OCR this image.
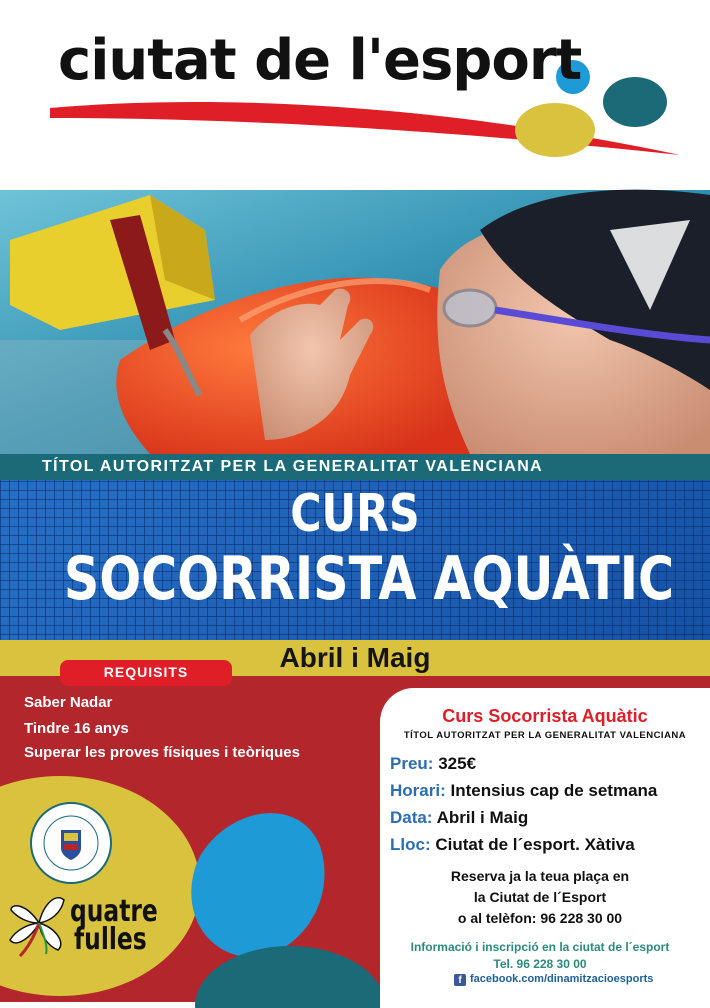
ciutat de l'esport
TÍTOL AUTORITZAT PER LA GENERALITAT VALENCIANA
CURS
SOCORRISTA AQUÀTIC
Abril i Maig
REQUISITS
Saber Nadar
Tindre 16 anys
Superar les proves físiques i teòriques
quatre
fulles
Curs Socorrista Aquàtic
TÍTOL AUTORITZAT PER LA GENERALITAT VALENCIANA
Preu: 325€
Horari: Intensius cap de setmana
Data: Abril i Maig
Lloc: Ciutat de l´esport. Xàtiva
Reserva ja la teua plaça en
la Ciutat de l´Esport
o al telèfon: 96 228 30 00
Informació i inscripció en la ciutat de l´esport
Tel. 96 228 30 00
f facebook.com/dinamitzacioesports
